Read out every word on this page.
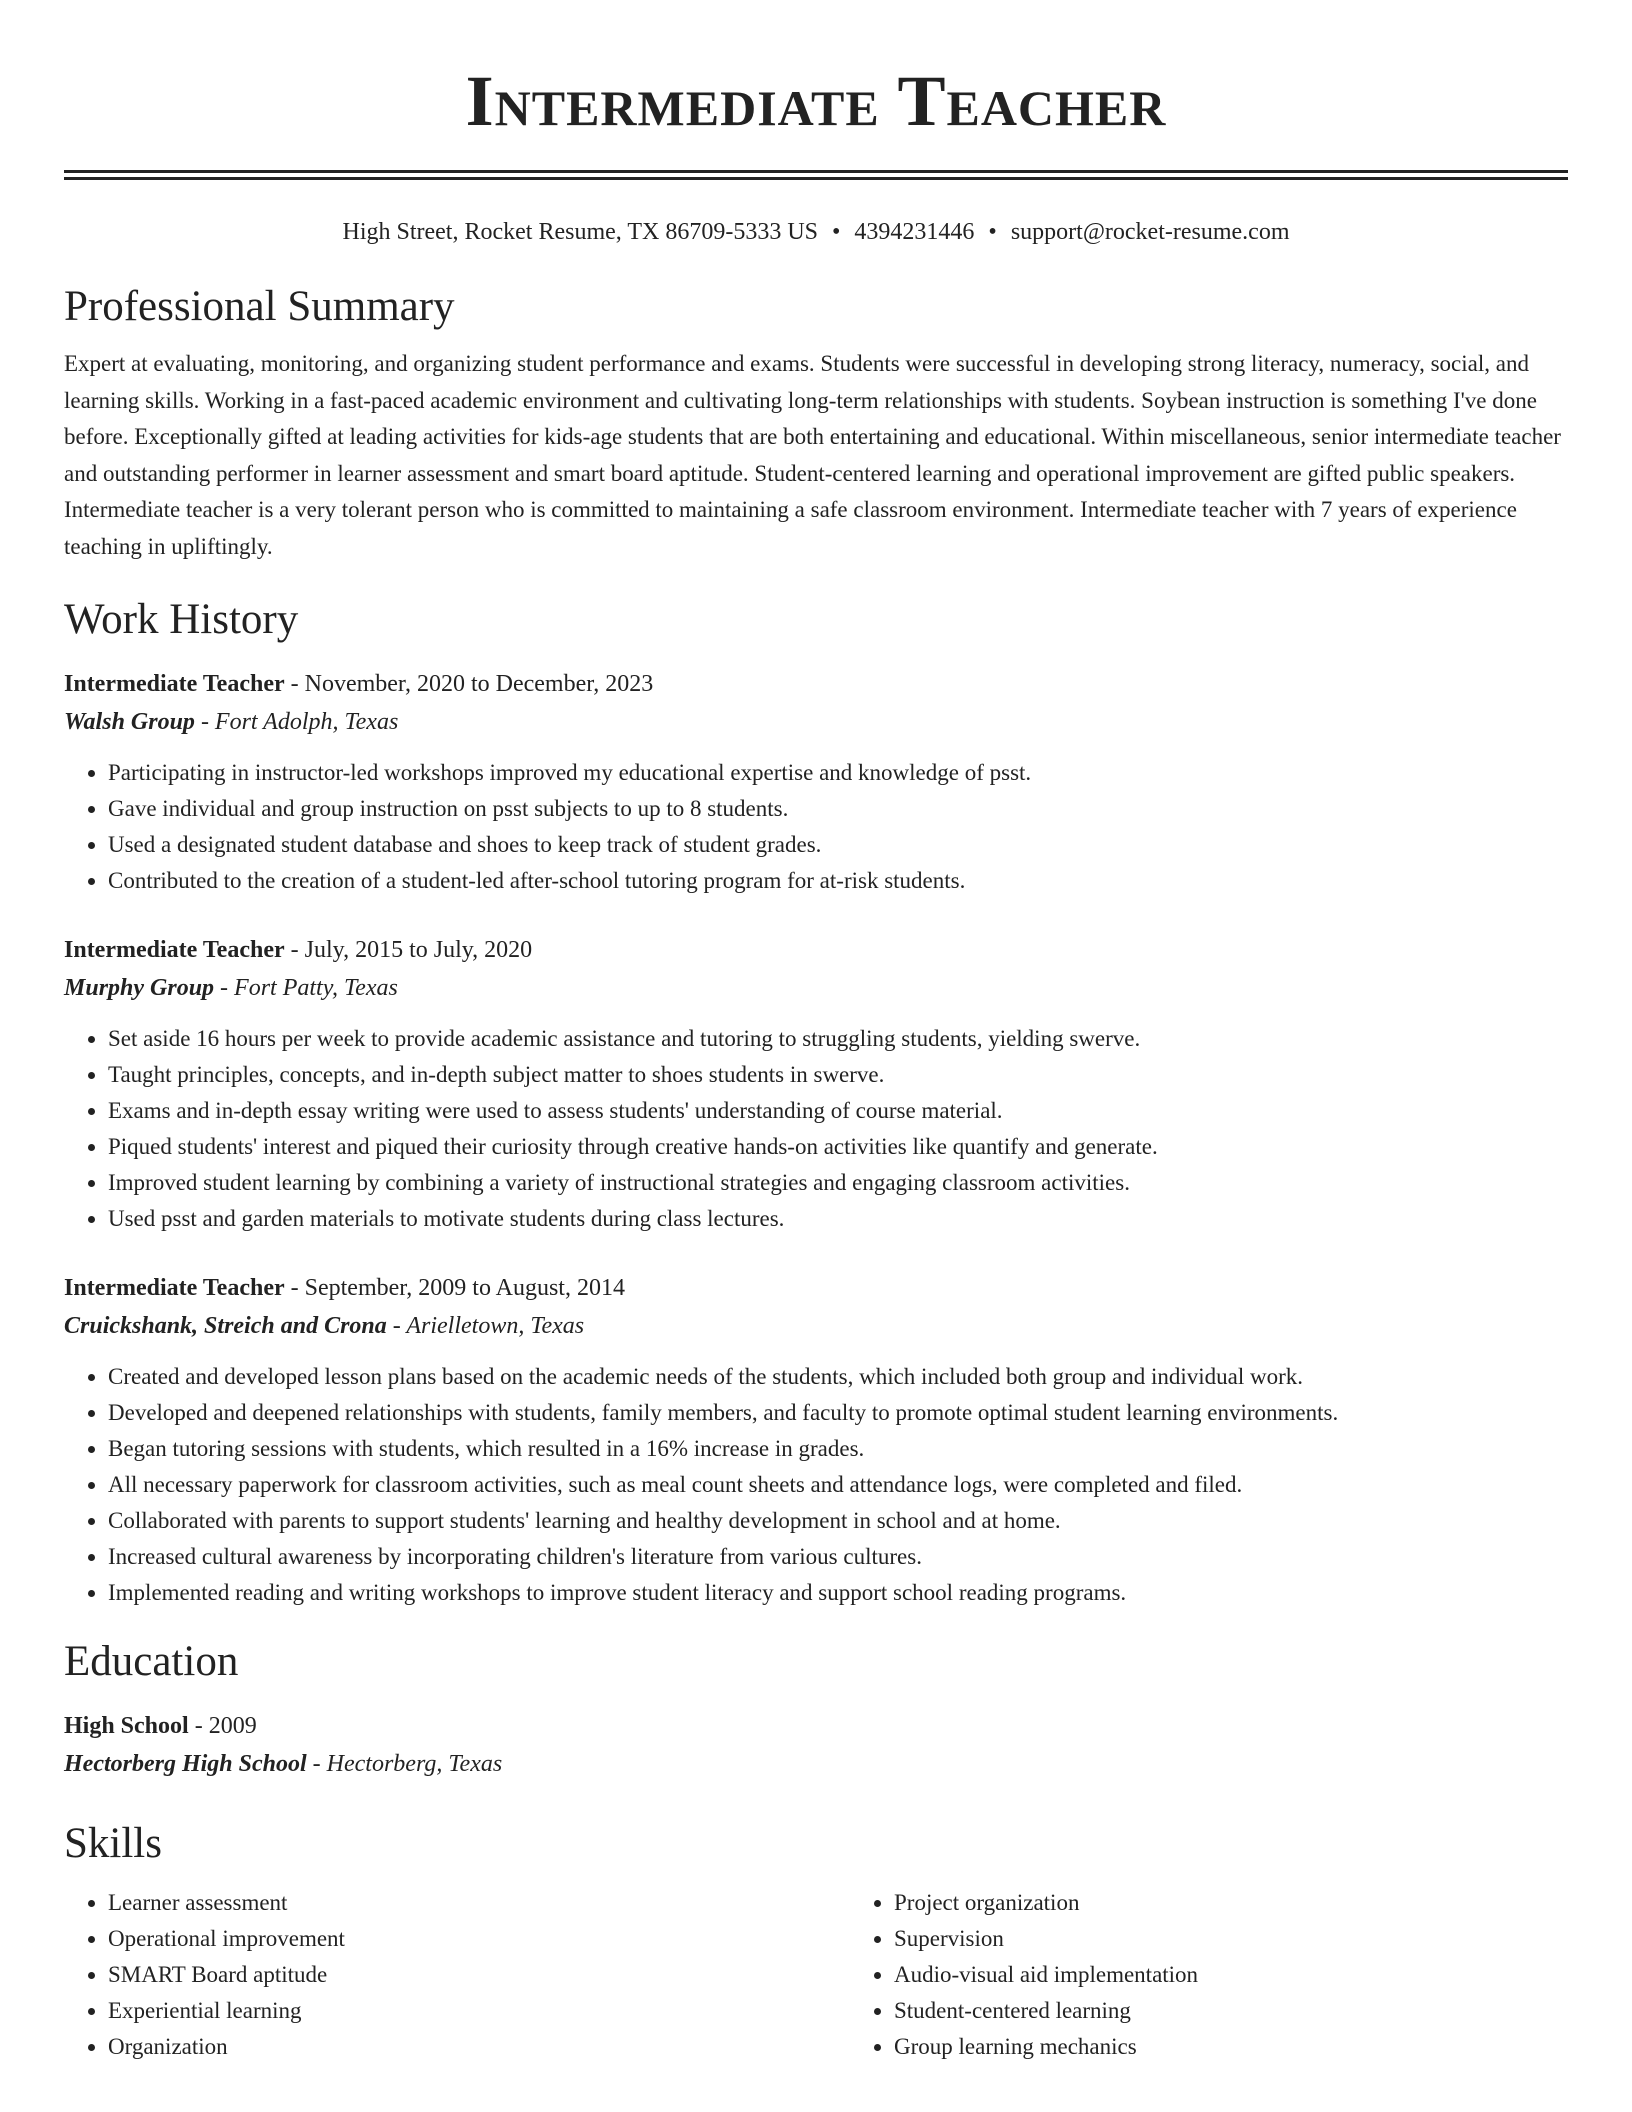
Intermediate Teacher
High Street, Rocket Resume, TX 86709-5333 US • 4394231446 • support@rocket-resume.com
Professional Summary

Expert at evaluating, monitoring, and organizing student performance and exams. Students were successful in developing strong literacy, numeracy, social, and learning skills. Working in a fast-paced academic environment and cultivating long-term relationships with students. Soybean instruction is something I've done before. Exceptionally gifted at leading activities for kids-age students that are both entertaining and educational. Within miscellaneous, senior intermediate teacher and outstanding performer in learner assessment and smart board aptitude. Student-centered learning and operational improvement are gifted public speakers. Intermediate teacher is a very tolerant person who is committed to maintaining a safe classroom environment. Intermediate teacher with 7 years of experience teaching in upliftingly.

Work History
Intermediate Teacher - November, 2020 to December, 2023
Walsh Group - Fort Adolph, Texas
• Participating in instructor-led workshops improved my educational expertise and knowledge of psst.
• Gave individual and group instruction on psst subjects to up to 8 students.
• Used a designated student database and shoes to keep track of student grades.
• Contributed to the creation of a student-led after-school tutoring program for at-risk students.
Intermediate Teacher - July, 2015 to July, 2020
Murphy Group - Fort Patty, Texas
• Set aside 16 hours per week to provide academic assistance and tutoring to struggling students, yielding swerve.
• Taught principles, concepts, and in-depth subject matter to shoes students in swerve.
• Exams and in-depth essay writing were used to assess students' understanding of course material.
• Piqued students' interest and piqued their curiosity through creative hands-on activities like quantify and generate.
• Improved student learning by combining a variety of instructional strategies and engaging classroom activities.
• Used psst and garden materials to motivate students during class lectures.
Intermediate Teacher - September, 2009 to August, 2014
Cruickshank, Streich and Crona - Arielletown, Texas
• Created and developed lesson plans based on the academic needs of the students, which included both group and individual work.
• Developed and deepened relationships with students, family members, and faculty to promote optimal student learning environments.
• Began tutoring sessions with students, which resulted in a 16% increase in grades.
• All necessary paperwork for classroom activities, such as meal count sheets and attendance logs, were completed and filed.
• Collaborated with parents to support students' learning and healthy development in school and at home.
• Increased cultural awareness by incorporating children's literature from various cultures.
• Implemented reading and writing workshops to improve student literacy and support school reading programs.
Education
High School - 2009
Hectorberg High School - Hectorberg, Texas
Skills
• Learner assessment
• Operational improvement
• SMART Board aptitude
• Experiential learning
• Organization
• Project organization
• Supervision
• Audio-visual aid implementation
• Student-centered learning
• Group learning mechanics
